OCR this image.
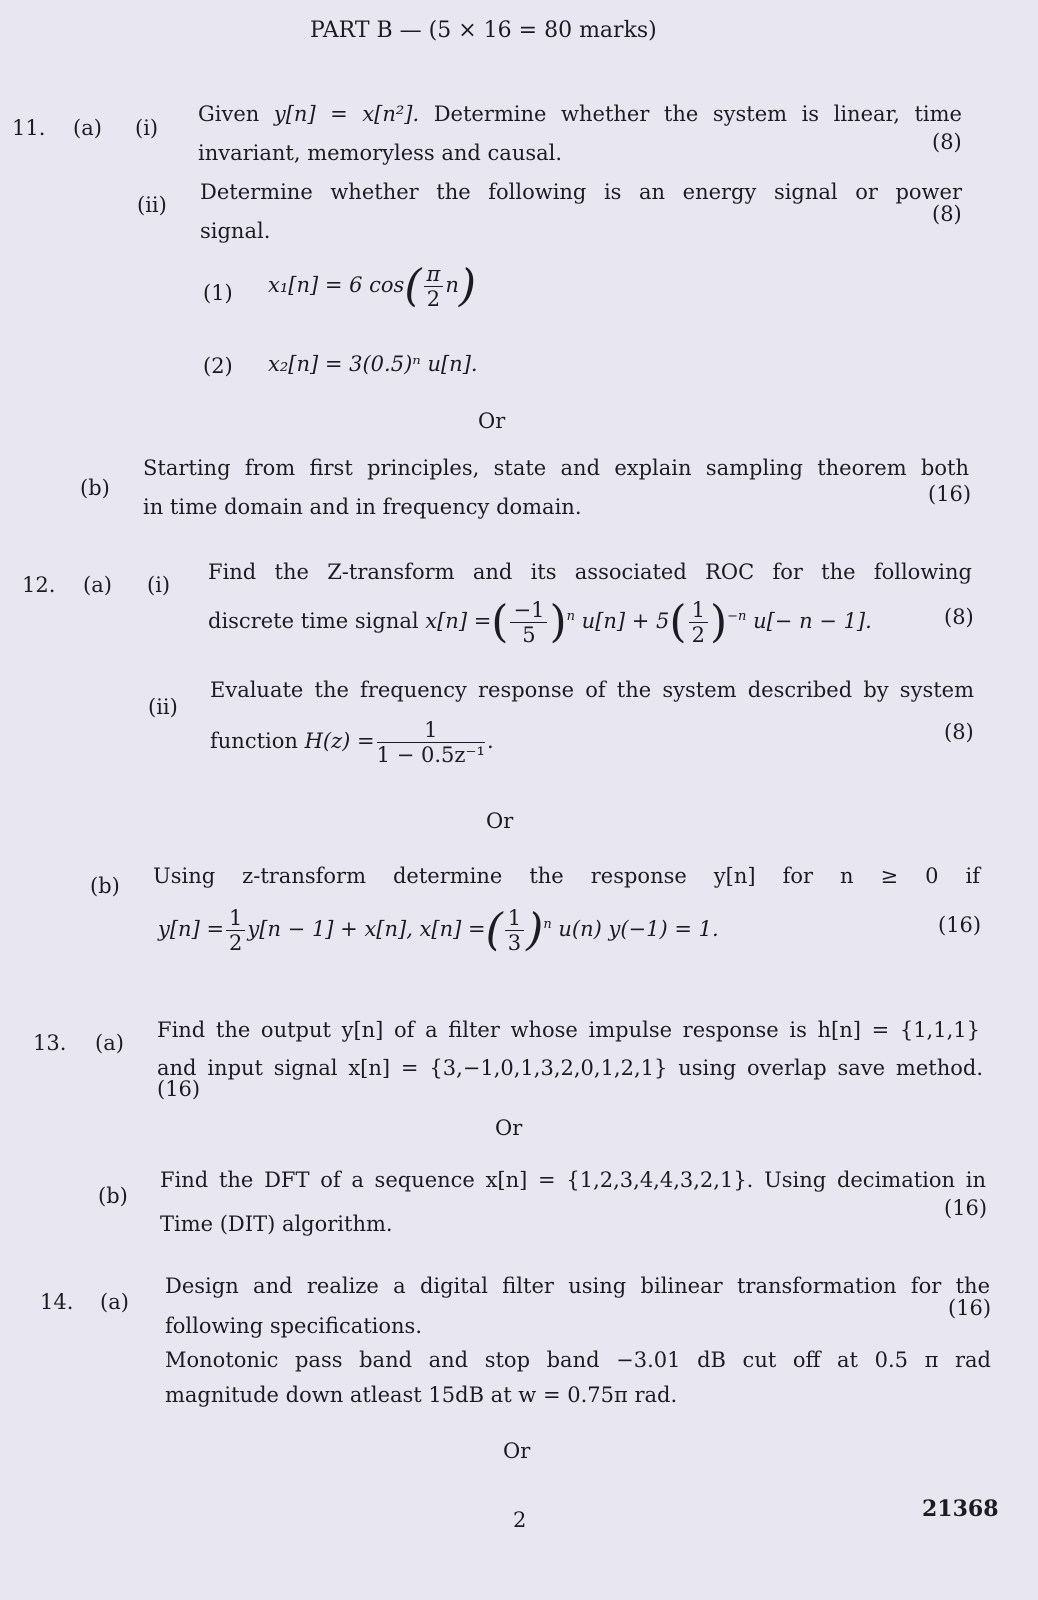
PART B — (5 × 16 = 80 marks)
11. (a) (i)
Given y[n] = x[n²]. Determine whether the system is linear, time
invariant, memoryless and causal.	(8)
(ii)
Determine whether the following is an energy signal or power
signal.
(8)
(1) x₁[n] = 6 $\cos( \frac{\pi}{2} n)$
(2) x₂[n] = 3(0.5)ⁿ u[n].
Or
(b)
Starting from first principles, state and explain sampling theorem both
in time domain and in frequency domain.
(16)
12. (a) (i)
Find the Z-transform and its associated ROC for the following
discrete time signal x[n] =( $\frac{-1}{5} )^n$ $u[n] + 5( \frac{1}{2} )^{-n}$ u[− n − 1].	(8)
(ii)
Evaluate the frequency response of the system described by system
function $H(z) = \frac{1}{\text{1 − 0.5z⁻¹}}$ .	(8)
Or
(b) Using z-transform determine the response y[n] for n ≥ 0 if
$y[n] = \frac{1}{2} y[n - 1] + x[n]$, x[n] =( $\frac{1}{3} )^n$ u(n) y(−1) = 1.	(16)
13. (a)
Find the output y[n] of a filter whose impulse response is h[n] = {1,1,1}
and input signal x[n] = {3,−1,0,1,3,2,0,1,2,1} using overlap save method. (16)
Or
(b)
Find the DFT of a sequence x[n] = {1,2,3,4,4,3,2,1}. Using decimation in
Time (DIT) algorithm.
(16)
14. (a)
Design and realize a digital filter using bilinear transformation for the
following specifications.
(16)
Monotonic pass band and stop band −3.01 dB cut off at 0.5 π rad
magnitude down atleast 15dB at w = 0.75π rad.
Or
2	21368
